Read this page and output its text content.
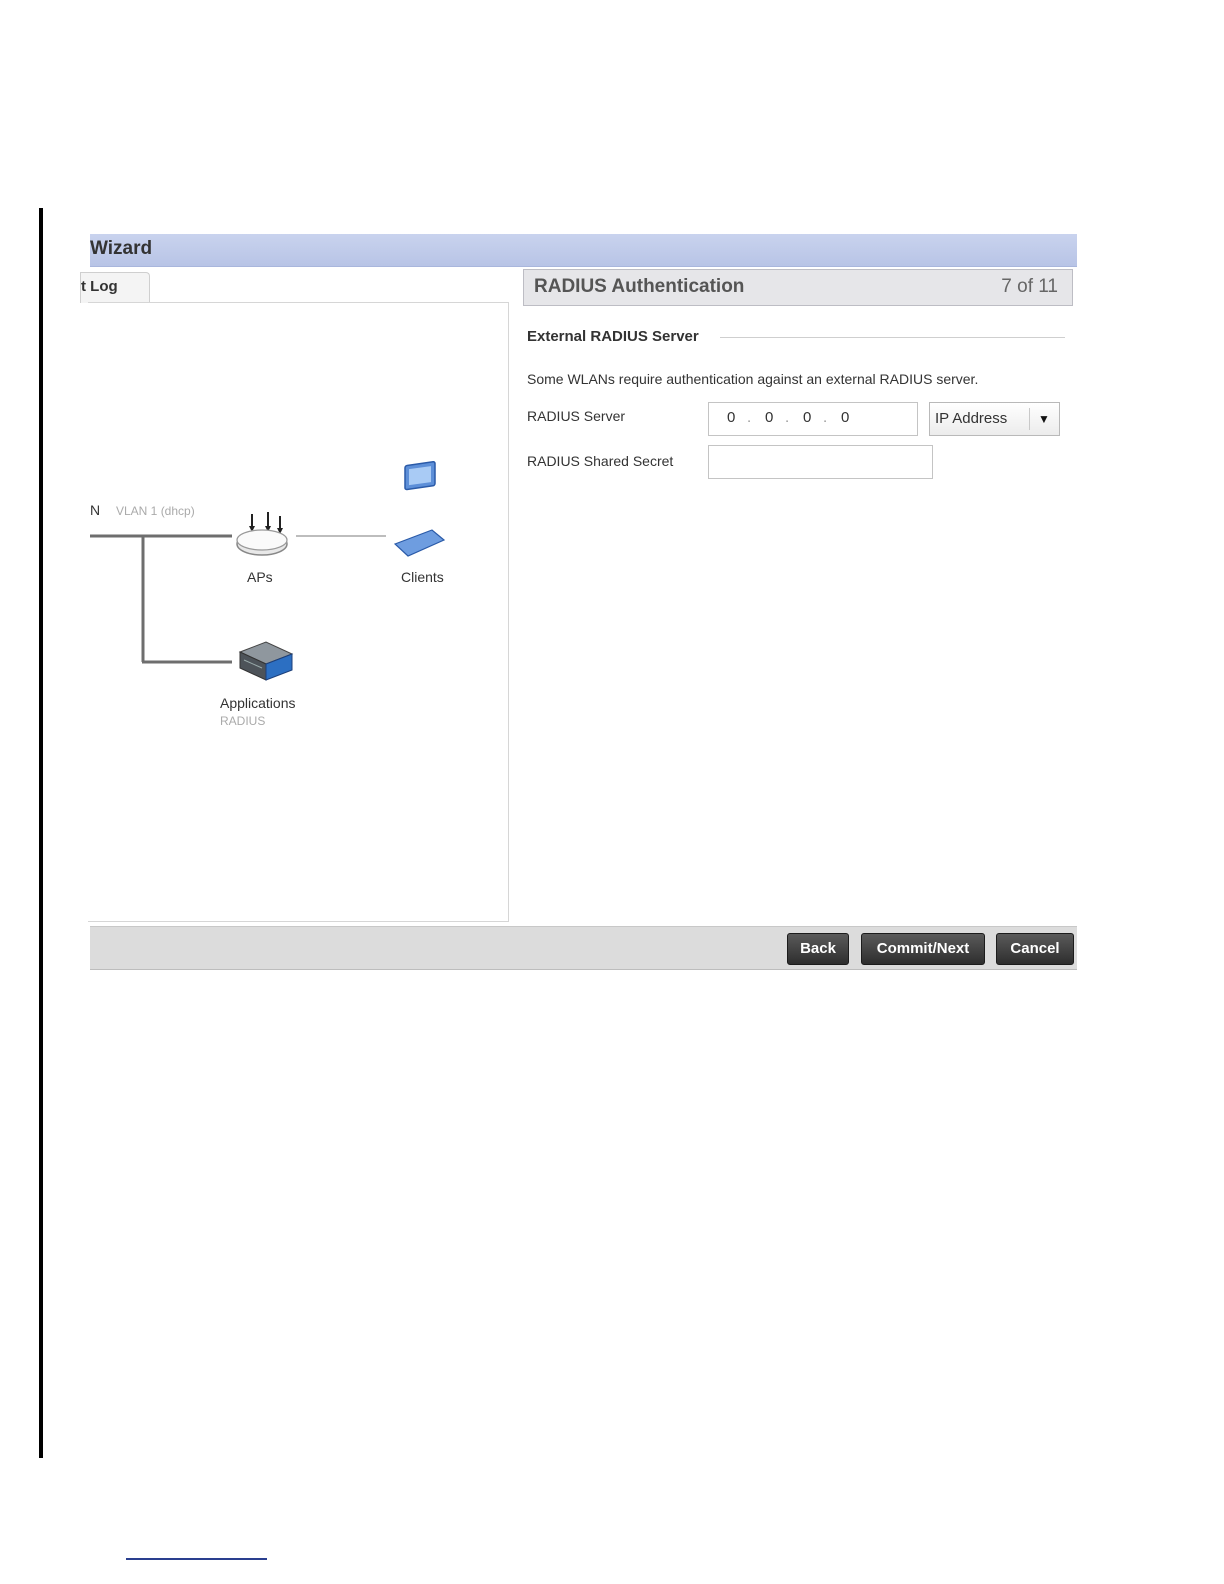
Wizard
t Log
N VLAN 1 (dhcp)
APs	Clients
Applications
RADIUS
RADIUS Authentication	7 of 11
External RADIUS Server
Some WLANs require authentication against an external RADIUS server.
RADIUS Server	0 . 0 . 0 . 0	IP Address	▼
RADIUS Shared Secret
Back	Commit/Next	Cancel
